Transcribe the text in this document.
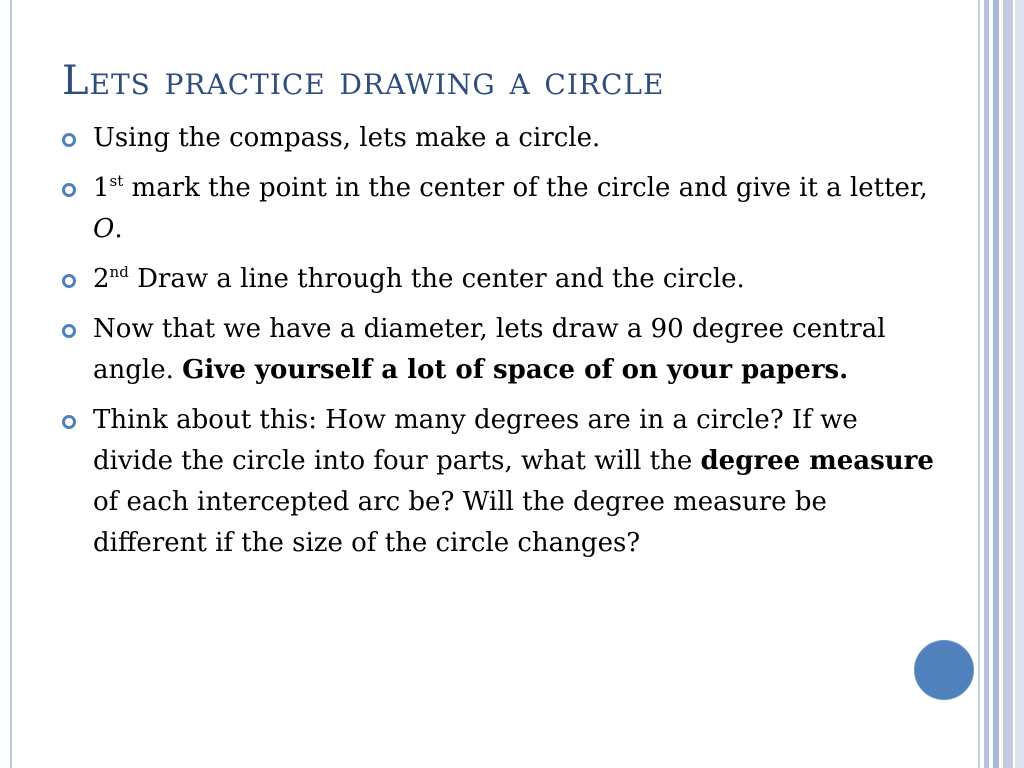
Lets practice drawing a circle
Using the compass, lets make a circle.
1st mark the point in the center of the circle and give it a letter, O.
2nd Draw a line through the center and the circle.
Now that we have a diameter, lets draw a 90 degree central angle. Give yourself a lot of space of on your papers.
Think about this: How many degrees are in a circle? If we divide the circle into four parts, what will the degree measure of each intercepted arc be? Will the degree measure be different if the size of the circle changes?
